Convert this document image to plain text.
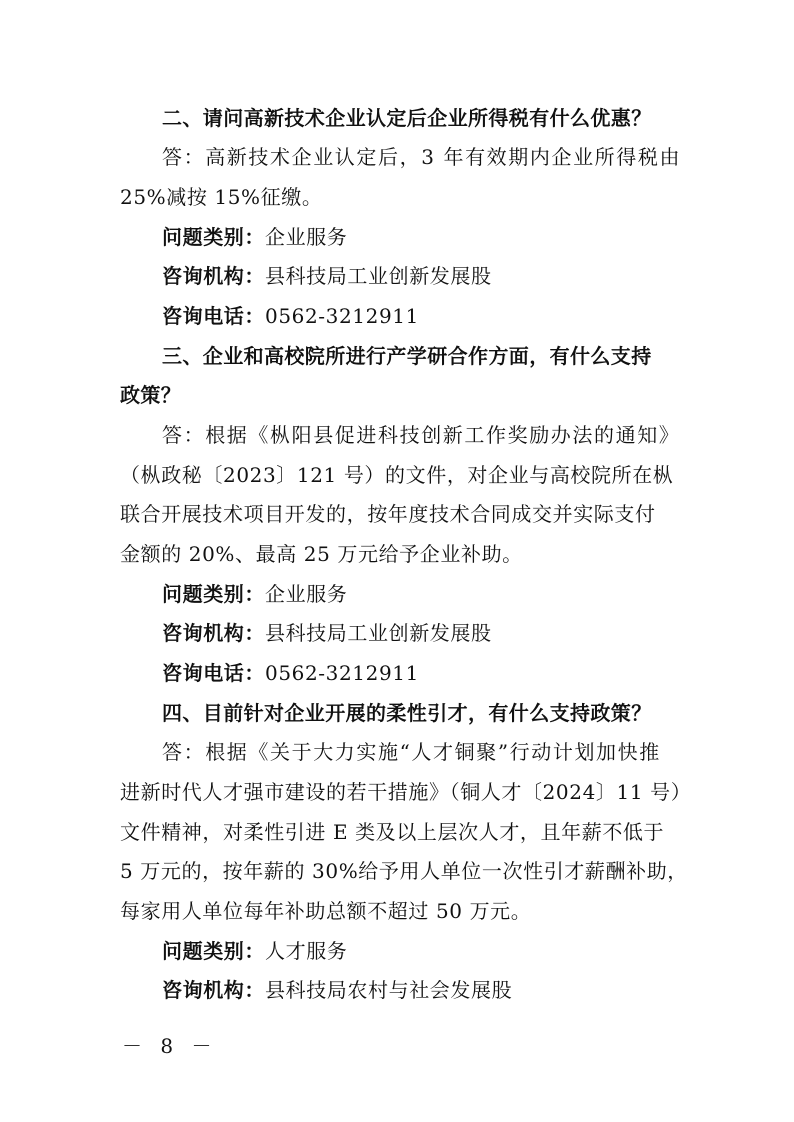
二、请问高新技术企业认定后企业所得税有什么优惠？
答：高新技术企业认定后，3 年有效期内企业所得税由
25%减按 15%征缴。
问题类别：企业服务
咨询机构：县科技局工业创新发展股
咨询电话：0562-3212911
三、企业和高校院所进行产学研合作方面，有什么支持
政策？
答：根据《枞阳县促进科技创新工作奖励办法的通知》
（枞政秘〔2023〕121 号）的文件，对企业与高校院所在枞
联合开展技术项目开发的，按年度技术合同成交并实际支付
金额的 20%、最高 25 万元给予企业补助。
问题类别：企业服务
咨询机构：县科技局工业创新发展股
咨询电话：0562-3212911
四、目前针对企业开展的柔性引才，有什么支持政策？
答：根据《关于大力实施“人才铜聚”行动计划加快推
进新时代人才强市建设的若干措施》（铜人才〔2024〕11 号）
文件精神，对柔性引进 E 类及以上层次人才，且年薪不低于
5 万元的，按年薪的 30%给予用人单位一次性引才薪酬补助，
每家用人单位每年补助总额不超过 50 万元。
问题类别：人才服务
咨询机构：县科技局农村与社会发展股
－ 8 －
